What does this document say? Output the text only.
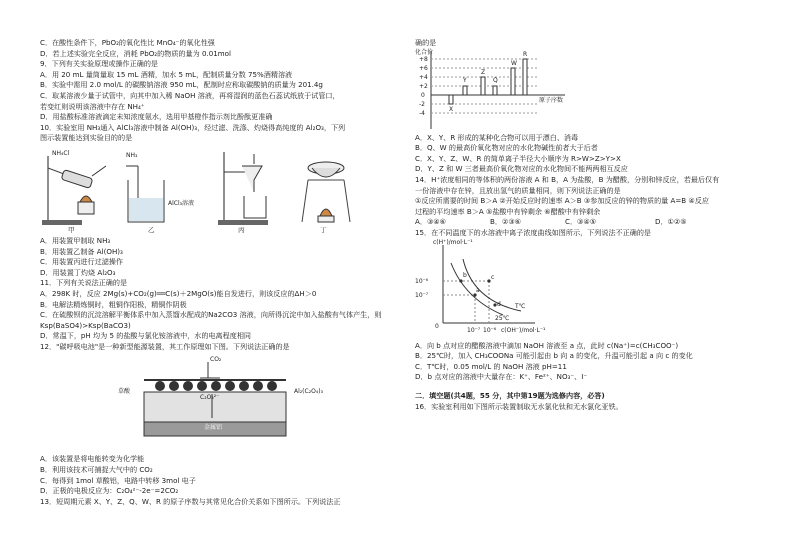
C．在酸性条件下，PbO₂的氧化性比 MnO₄⁻的氧化性强

D．若上述实验完全反应，消耗 PbO₂的物质的量为 0.01mol

9．下列有关实验原理或操作正确的是

A．用 20 mL 量筒量取 15 mL 酒精，加水 5 mL，配制质量分数 75%酒精溶液

B．实验中需用 2.0 mol/L 的碳酸钠溶液 950 mL，配制时应称取碳酸钠的质量为 201.4g

C．取某溶液少量于试管中，向其中加入稀 NaOH 溶液，再将湿润的蓝色石蕊试纸放于试管口，

若变红则说明该溶液中存在 NH₄⁺

D．用盐酸标准溶液滴定未知浓度氨水，选用甲基橙作指示剂比酚酞更准确

10．实验室用 NH₃通入 AlCl₃溶液中制备 Al(OH)₃，经过滤、洗涤、灼烧得高纯度的 Al₂O₃，下列

图示装置能达到实验目的的是

NH₄Cl
甲
NH₃
AlCl₃溶液
乙	丙	丁

A．用装置甲制取 NH₃

B．用装置乙制备 Al(OH)₃

C．用装置丙进行过滤操作

D．用装置丁灼烧 Al₂O₃

11．下列有关说法正确的是

A．298K 时，反应 2Mg(s)+CO₂(g)══C(s)＋2MgO(s)能自发进行，则该反应的ΔH＞0

B．电解法精炼铜时，粗铜作阳极，精铜作阴极

C．在硫酸钡的沉淀溶解平衡体系中加入蒸馏水配成的Na2CO3 溶液，向所得沉淀中加入盐酸有气体产生，则

Ksp(BaSO4)>Ksp(BaCO3)

D．常温下，pH 均为 5 的盐酸与氯化铵溶液中，水的电离程度相同

12．"碳呼吸电池"是一种新型能源装置，其工作原理如下图。下列说法正确的是

CO₂
C₂O₄²⁻
草酸	Al₂(C₂O₄)₃
金属铝

A．该装置是将电能转变为化学能

B．利用该技术可捕捉大气中的 CO₂

C．每得到 1mol 草酸铝，电路中转移 3mol 电子

D．正极的电极反应为：C₂O₄²⁻-2e⁻=2CO₂

13．短周期元素 X、Y、Z、Q、W、R 的原子序数与其常见化合价关系如下图所示。下列说法正

确的是

化合价
+8
+6
+4
+2
0
-2
-4
原子序数
X
Y
Z
Q
W
R

A．X、Y、R 形成的某种化合物可以用于漂白、消毒

B．Q、W 的最高价氧化物对应的水化物碱性前者大于后者

C．X、Y、Z、W、R 的简单离子半径大小顺序为 R>W>Z>Y>X

D．Y、Z 和 W 三者最高价氧化物对应的水化物间不能两两相互反应

14．H⁺浓度相同的等体积的两份溶液 A 和 B，A 为盐酸，B 为醋酸，分别和锌反应，若最后仅有

一份溶液中存在锌，且放出氢气的质量相同，则下列说法正确的是

①反应所需要的时间 B＞A ②开始反应时的速率 A＞B ③参加反应的锌的物质的量 A=B ④反应

过程的平均速率 B＞A ⑤盐酸中有锌剩余 ⑥醋酸中有锌剩余

A．③④⑥	B．②③⑥	C．③④⑤	D．①②⑤

15．在不同温度下的水溶液中离子浓度曲线如图所示，下列说法不正确的是

c(H⁺)/mol·L⁻¹
c(OH⁻)/mol·L⁻¹
10⁻⁶
10⁻⁷
10⁻⁷ 10⁻⁶
0
a
b	c
d T℃
25℃

A．向 b 点对应的醋酸溶液中滴加 NaOH 溶液至 a 点，此时 c(Na⁺)=c(CH₃COO⁻)

B．25℃时，加入 CH₃COONa 可能引起由 b 向 a 的变化，升温可能引起 a 向 c 的变化

C．T℃时，0.05 mol/L 的 NaOH 溶液 pH=11

D．b 点对应的溶液中大量存在：K⁺、Fe²⁺、NO₃⁻、I⁻

二．填空题(共4题，55 分，其中第19题为选修内容，必答)

16．实验室利用如下图所示装置制取无水氯化钛和无水氯化亚铁。
